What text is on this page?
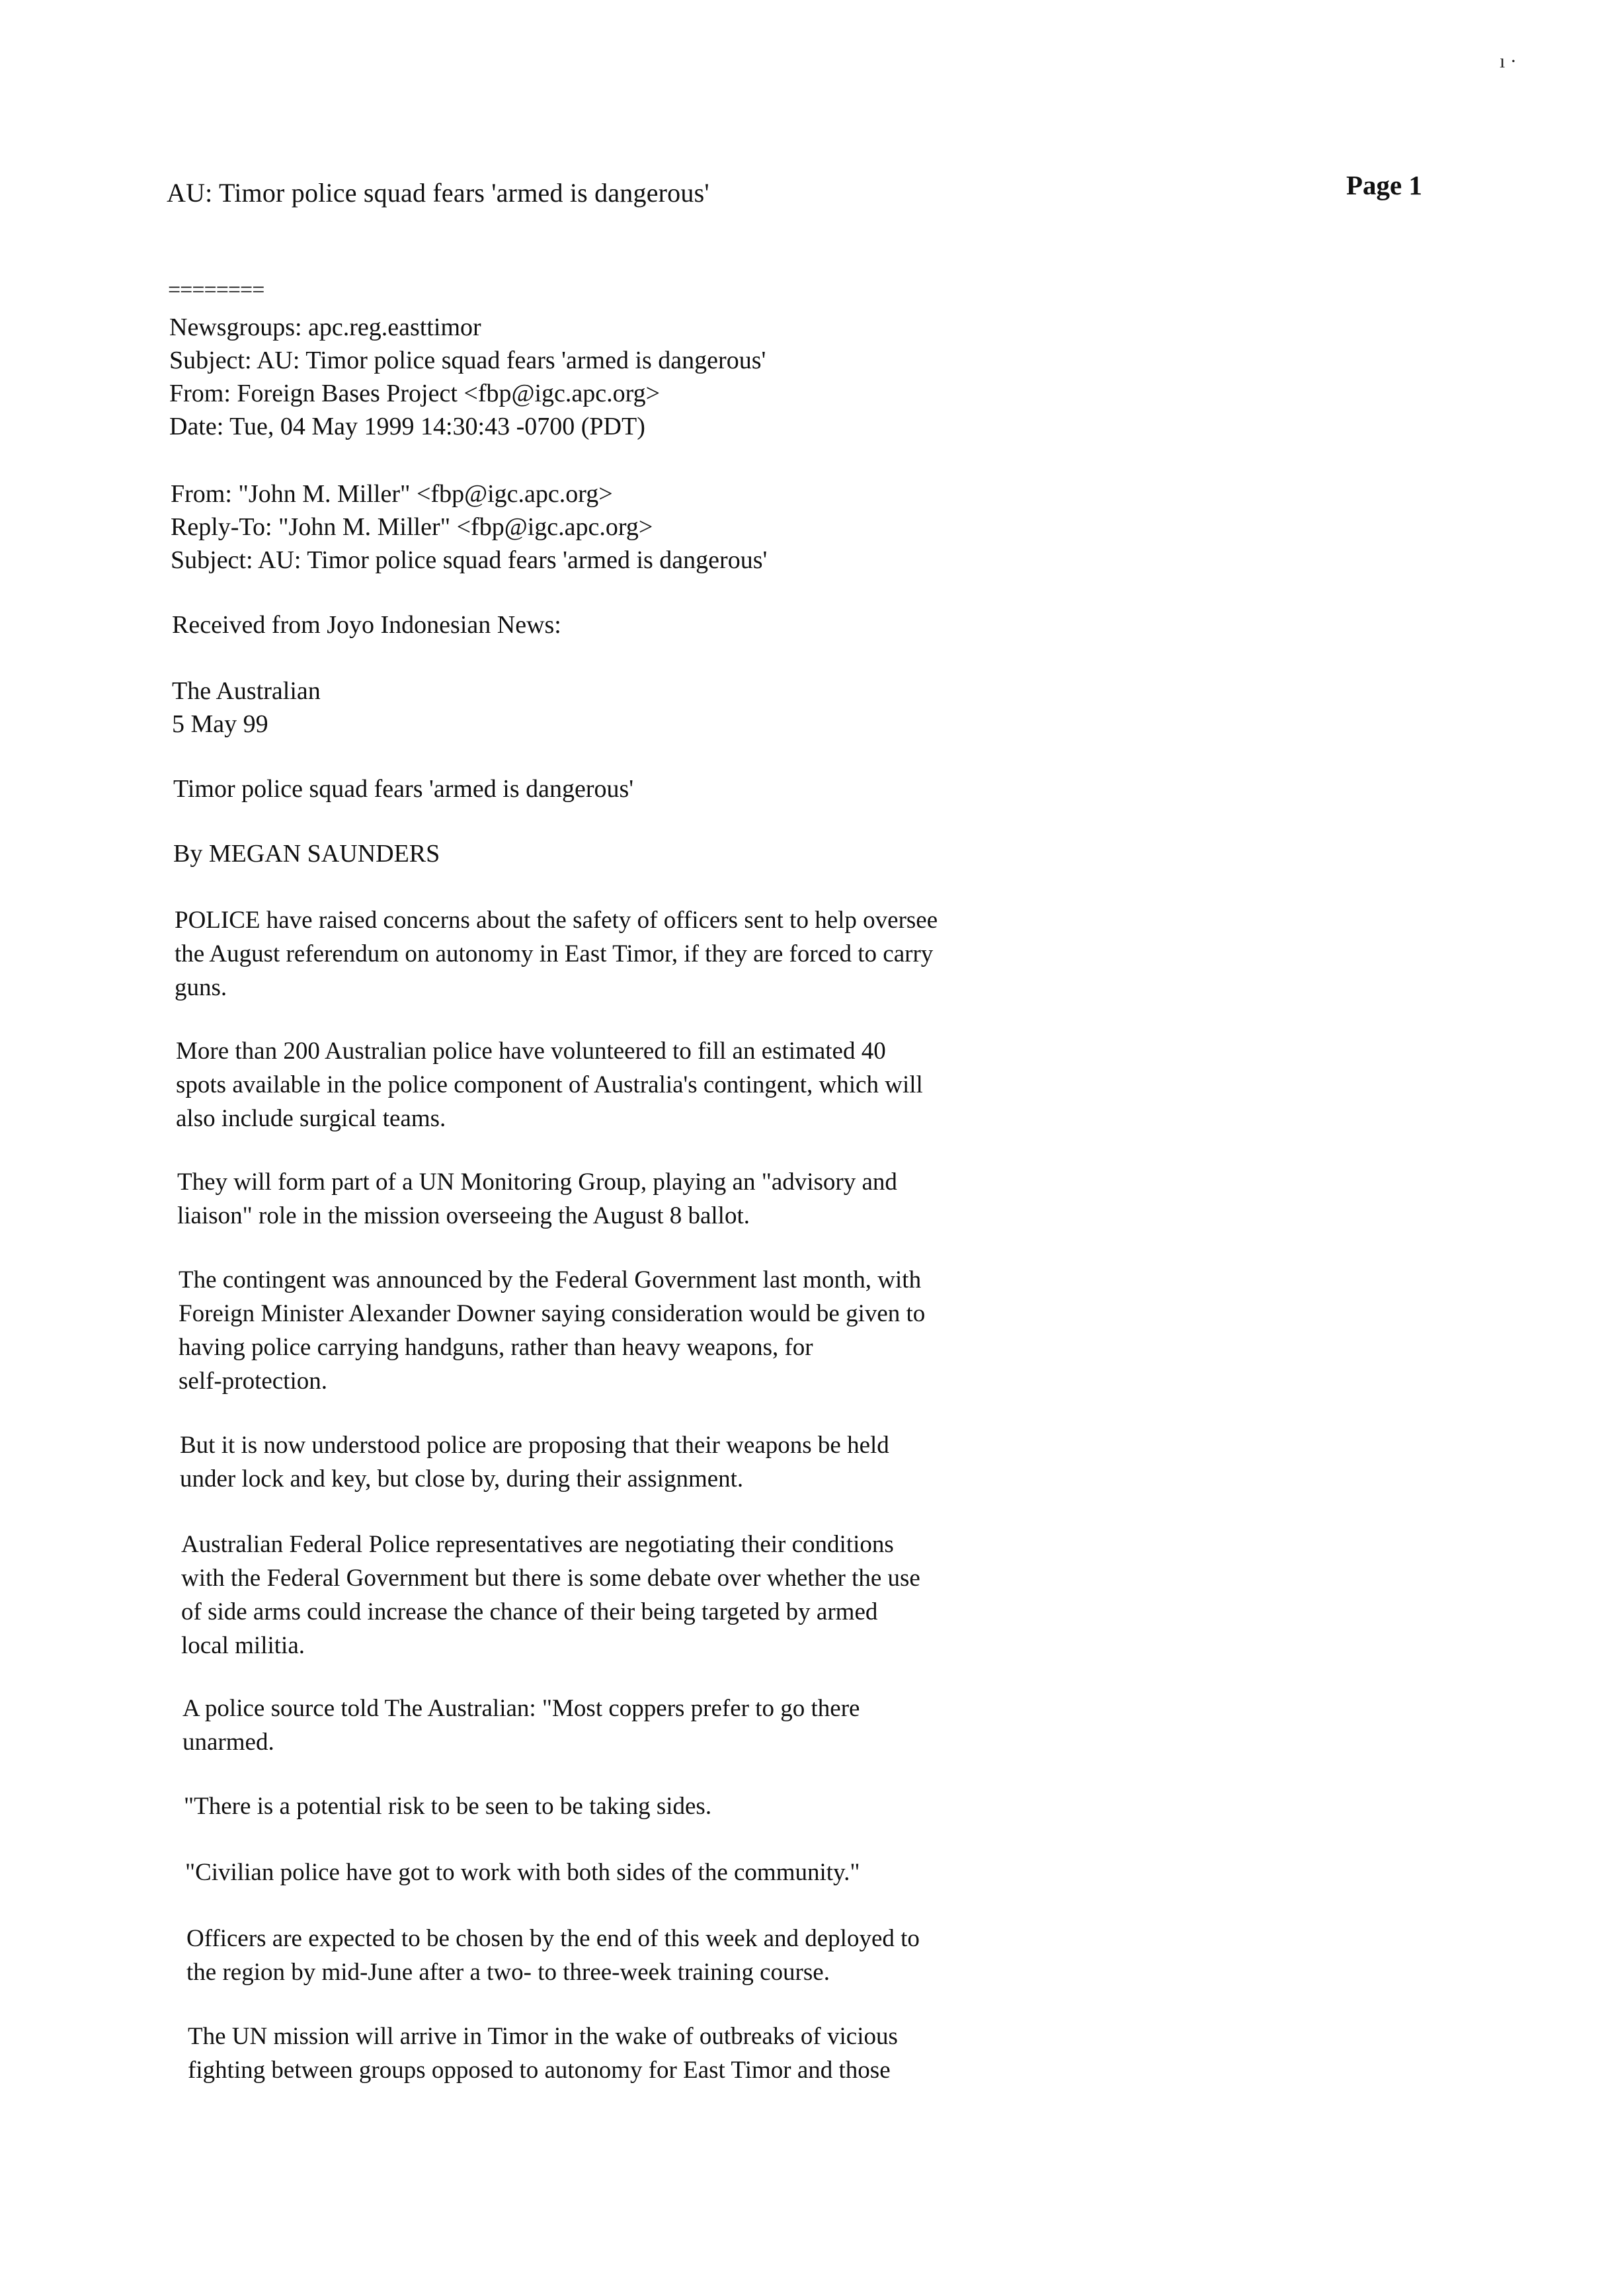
ı ·
AU: Timor police squad fears 'armed is dangerous'	Page 1
========

Newsgroups: apc.reg.easttimor

Subject: AU: Timor police squad fears 'armed is dangerous'

From: Foreign Bases Project <fbp@igc.apc.org>

Date: Tue, 04 May 1999 14:30:43 -0700 (PDT)

From: "John M. Miller" <fbp@igc.apc.org>

Reply-To: "John M. Miller" <fbp@igc.apc.org>

Subject: AU: Timor police squad fears 'armed is dangerous'

Received from Joyo Indonesian News:

The Australian

5 May 99

Timor police squad fears 'armed is dangerous'
By MEGAN SAUNDERS
POLICE have raised concerns about the safety of officers sent to help oversee
the August referendum on autonomy in East Timor, if they are forced to carry
guns.
More than 200 Australian police have volunteered to fill an estimated 40
spots available in the police component of Australia's contingent, which will
also include surgical teams.
They will form part of a UN Monitoring Group, playing an "advisory and
liaison" role in the mission overseeing the August 8 ballot.
The contingent was announced by the Federal Government last month, with
Foreign Minister Alexander Downer saying consideration would be given to
having police carrying handguns, rather than heavy weapons, for
self-protection.
But it is now understood police are proposing that their weapons be held
under lock and key, but close by, during their assignment.
Australian Federal Police representatives are negotiating their conditions
with the Federal Government but there is some debate over whether the use
of side arms could increase the chance of their being targeted by armed
local militia.
A police source told The Australian: "Most coppers prefer to go there
unarmed.
"There is a potential risk to be seen to be taking sides.
"Civilian police have got to work with both sides of the community."
Officers are expected to be chosen by the end of this week and deployed to
the region by mid-June after a two- to three-week training course.
The UN mission will arrive in Timor in the wake of outbreaks of vicious
fighting between groups opposed to autonomy for East Timor and those
